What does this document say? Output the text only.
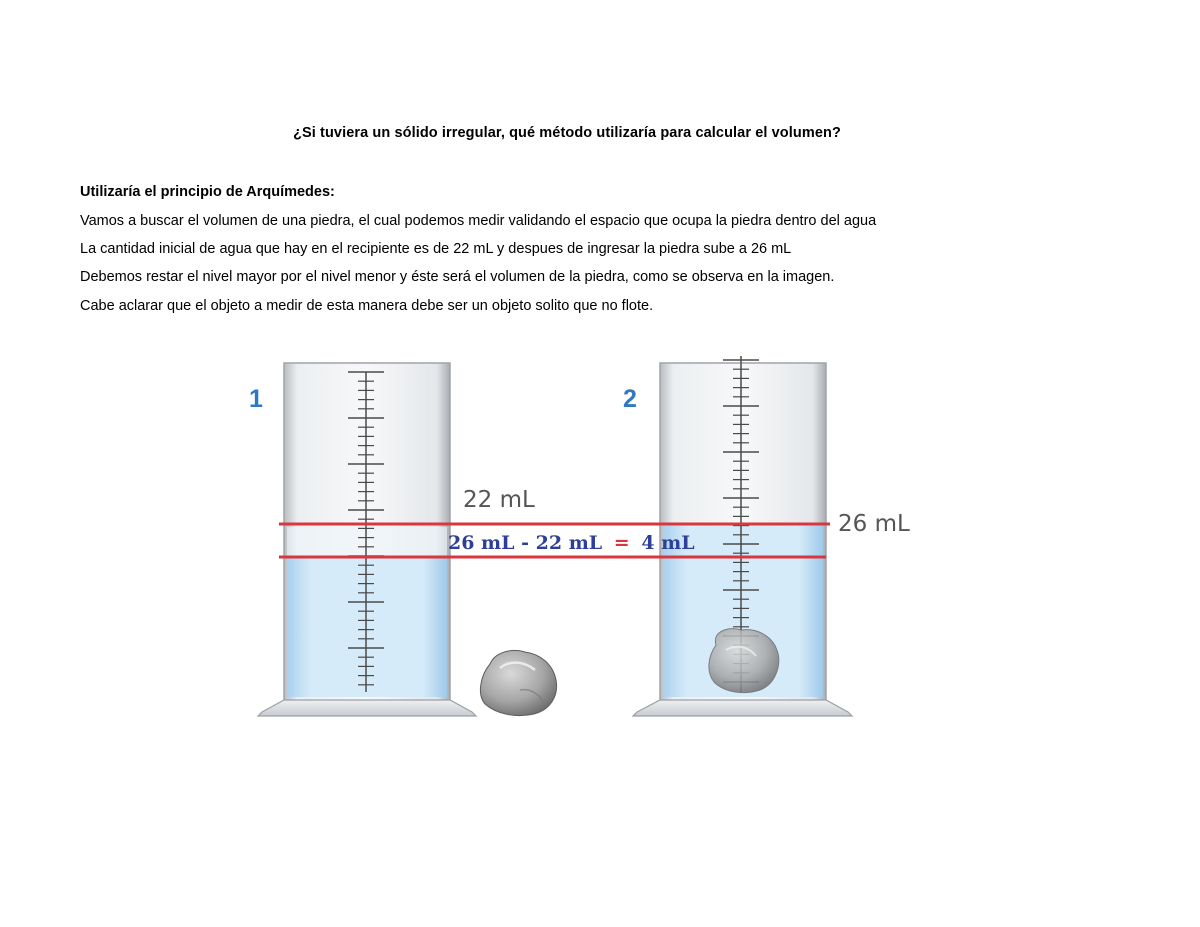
¿Si tuviera un sólido irregular, qué método utilizaría para calcular el volumen?
Utilizaría el principio de Arquímedes:
Vamos a buscar el volumen de una piedra, el cual podemos medir validando el espacio que ocupa la piedra dentro del agua
La cantidad inicial de agua que hay en el recipiente es de 22 mL y despues de ingresar la piedra sube a 26 mL
Debemos restar el nivel mayor por el nivel menor y éste será el volumen de la piedra, como se observa en la imagen.
Cabe aclarar que el objeto a medir de esta manera debe ser un objeto solito que no flote.
1	2
22 mL
26 mL
26 mL - 22 mL = 4 mL
